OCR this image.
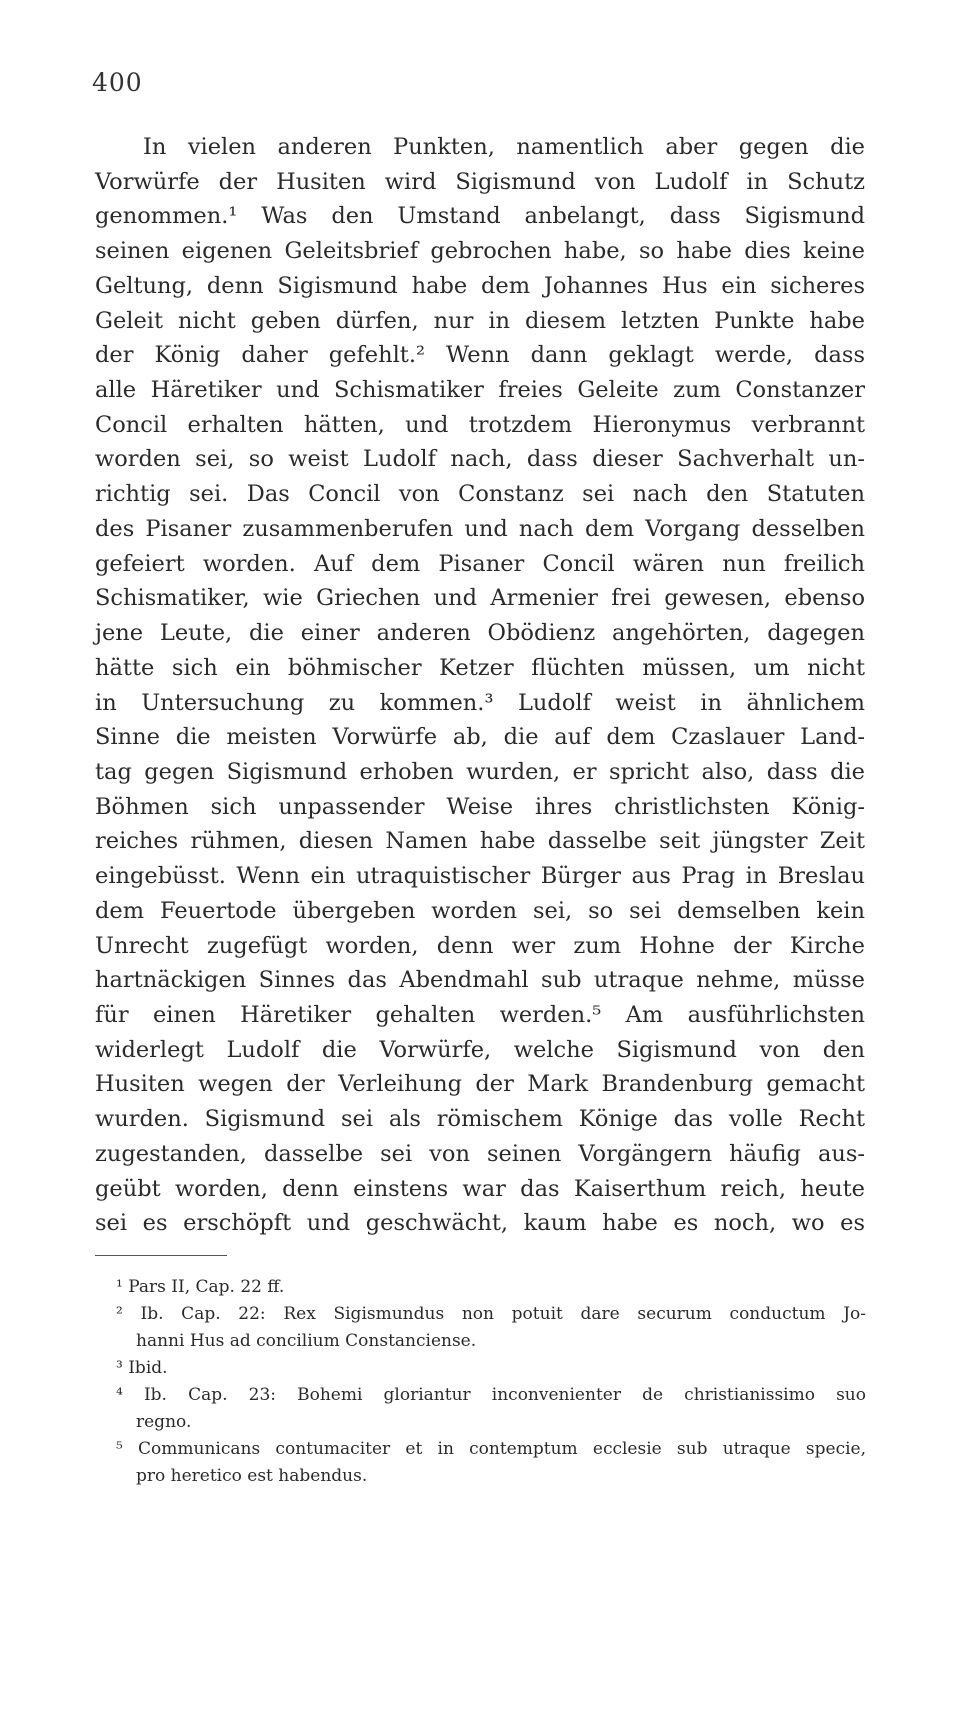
400
In vielen anderen Punkten, namentlich aber gegen die
Vorwürfe der Husiten wird Sigismund von Ludolf in Schutz
genommen.¹ Was den Umstand anbelangt, dass Sigismund
seinen eigenen Geleitsbrief gebrochen habe, so habe dies keine
Geltung, denn Sigismund habe dem Johannes Hus ein sicheres
Geleit nicht geben dürfen, nur in diesem letzten Punkte habe
der König daher gefehlt.² Wenn dann geklagt werde, dass
alle Häretiker und Schismatiker freies Geleite zum Constanzer
Concil erhalten hätten, und trotzdem Hieronymus verbrannt
worden sei, so weist Ludolf nach, dass dieser Sachverhalt un-
richtig sei. Das Concil von Constanz sei nach den Statuten
des Pisaner zusammenberufen und nach dem Vorgang desselben
gefeiert worden. Auf dem Pisaner Concil wären nun freilich
Schismatiker, wie Griechen und Armenier frei gewesen, ebenso
jene Leute, die einer anderen Obödienz angehörten, dagegen
hätte sich ein böhmischer Ketzer flüchten müssen, um nicht
in Untersuchung zu kommen.³ Ludolf weist in ähnlichem
Sinne die meisten Vorwürfe ab, die auf dem Czaslauer Land-
tag gegen Sigismund erhoben wurden, er spricht also, dass die
Böhmen sich unpassender Weise ihres christlichsten König-
reiches rühmen, diesen Namen habe dasselbe seit jüngster Zeit
eingebüsst. Wenn ein utraquistischer Bürger aus Prag in Breslau
dem Feuertode übergeben worden sei, so sei demselben kein
Unrecht zugefügt worden, denn wer zum Hohne der Kirche
hartnäckigen Sinnes das Abendmahl sub utraque nehme, müsse
für einen Häretiker gehalten werden.⁵ Am ausführlichsten
widerlegt Ludolf die Vorwürfe, welche Sigismund von den
Husiten wegen der Verleihung der Mark Brandenburg gemacht
wurden. Sigismund sei als römischem Könige das volle Recht
zugestanden, dasselbe sei von seinen Vorgängern häufig aus-
geübt worden, denn einstens war das Kaiserthum reich, heute
sei es erschöpft und geschwächt, kaum habe es noch, wo es
¹ Pars II, Cap. 22 ff.
² Ib. Cap. 22: Rex Sigismundus non potuit dare securum conductum Jo-
hanni Hus ad concilium Constanciense.
³ Ibid.
⁴ Ib. Cap. 23: Bohemi gloriantur inconvenienter de christianissimo suo
regno.
⁵ Communicans contumaciter et in contemptum ecclesie sub utraque specie,
pro heretico est habendus.
